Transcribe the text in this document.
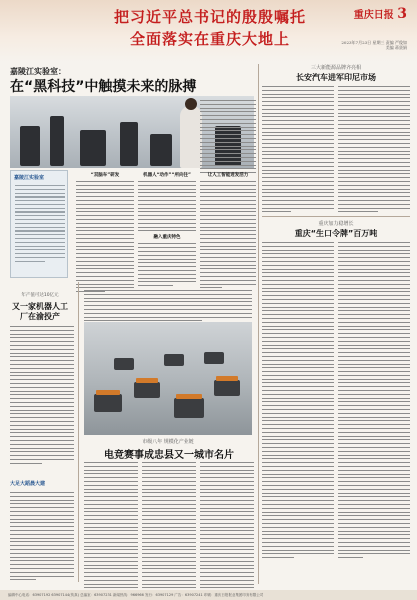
把习近平总书记的殷殷嘱托
全面落实在重庆大地上
重庆日报 3
2023年7月23日 星期三 责编 严俊如 美编 蒋贤娟
嘉陵江实验室：
在“黑科技”中触摸未来的脉搏
嘉陵江实验室	“双脑车”研发	机器人“动作”“所向往”
融入重庆特色
让人工智能迸发活力
三大新能源品牌齐亮相
长安汽车进军印尼市场
重庆加力稳增长
重庆“生口令牌”百万吨
年产值可达10亿元
又一家机器人工厂在渝投产
大足大蹈晨大建
市级八年 规模化产业链
电竞赛事成忠县又一城市名片
编辑中心电话：63907192 63907144(传真) 总编室：63907231 新闻热线：966966 发行：63907129 广告：63907241 印刷：重庆日报报业集团印务有限公司
